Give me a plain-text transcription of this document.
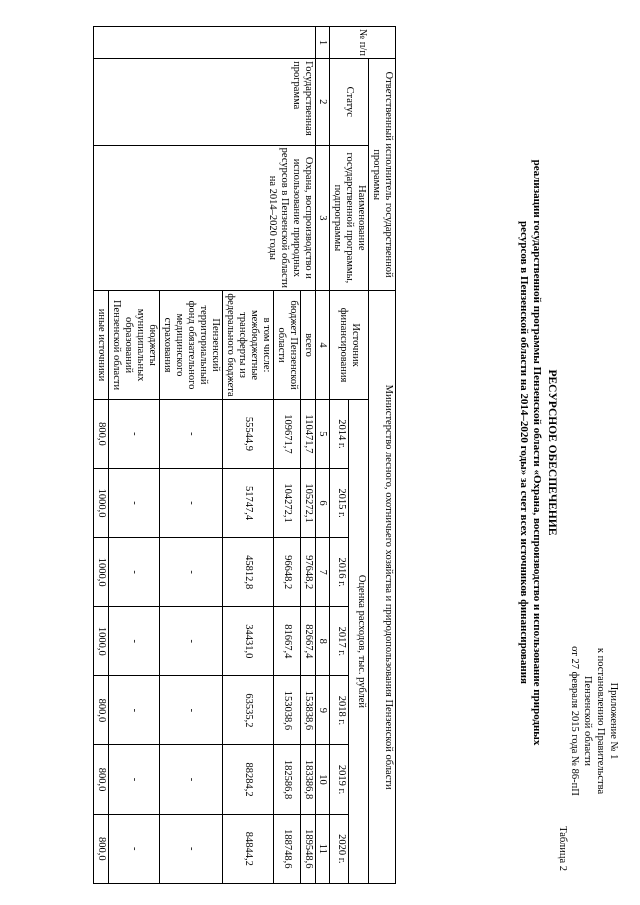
Приложение № 1
к постановлению Правительства
Пензенской области
от 27 февраля 2015 года № 86-пП
Таблица 2
РЕСУРСНОЕ ОБЕСПЕЧЕНИЕ
реализации государственной программы Пензенской области «Охрана, воспроизводство и использование природных
ресурсов в Пензенской области на 2014–2020 годы» за счет всех источников финансирования
№ п/п	Ответственный исполнитель государственной программы		Министерство лесного, охотничьего хозяйства и природопользования Пензенской области							
	Статус	Наименование государственной программы, подпрограммы	Источник финансирования	Оценка расходов, тыс. рублей						
				2014 г.	2015 г.	2016 г.	2017 г.	2018 г.	2019 г.	2020 г.
1	2	3	4	5	6	7	8	9	10	11
	Государственная программа	Охрана, воспроизводство и использование природных ресурсов в Пензенской области на 2014–2020 годы	всего	110471,7	105272,1	97648,2	82667,4	153838,6	183386,8	189548,6
			бюджет Пензенской области	109671,7	104272,1	96648,2	81667,4	153038,6	182586,8	188748,6
			в том числе: межбюджетные трансферты из федерального бюджета	55544,9	51747,4	45812,8	34431,0	63535,2	88284,2	84844,2
			Пензенский территориальный фонд обязательного медицинского страхования	-	-	-	-	-	-	-
			бюджеты муниципальных образований Пензенской области	-	-	-	-	-	-	-
			иные источники	800,0	1000,0	1000,0	1000,0	800,0	800,0	800,0
